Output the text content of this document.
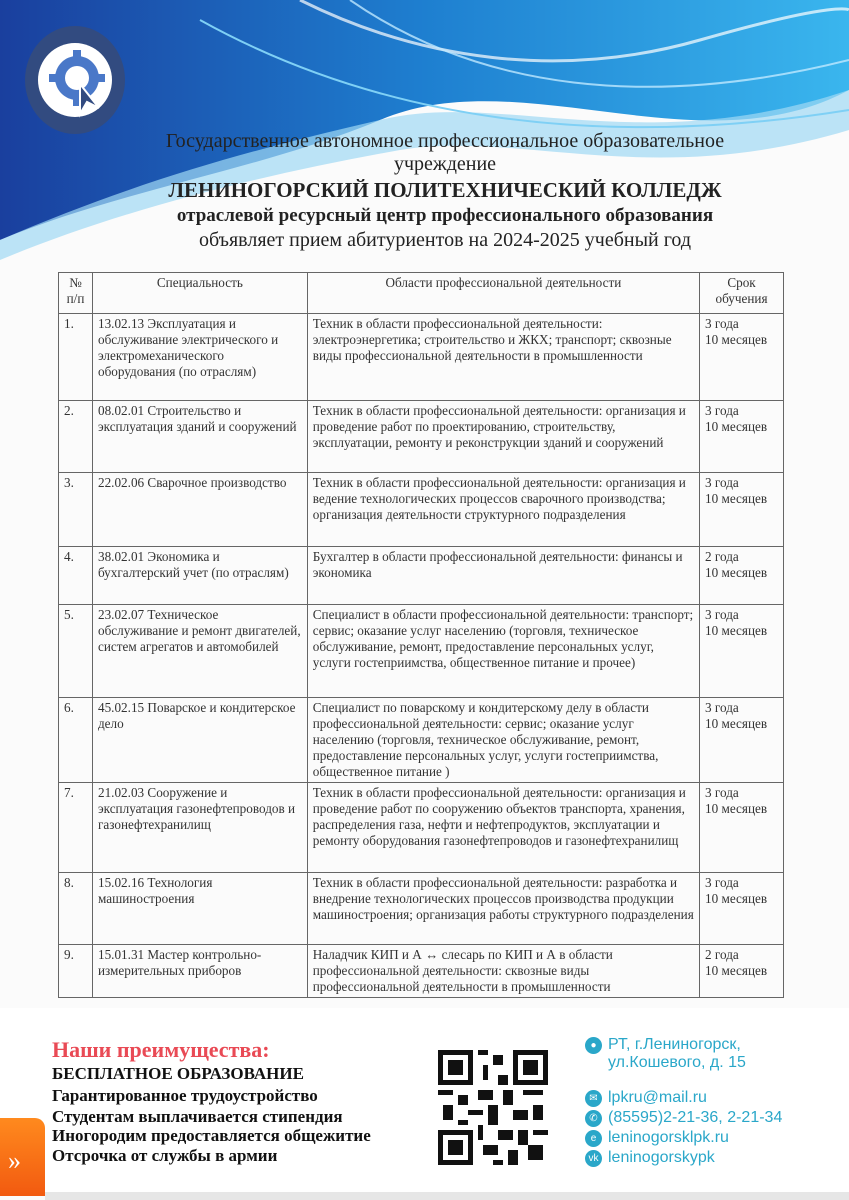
Государственное автономное профессиональное образовательное учреждение
ЛЕНИНОГОРСКИЙ ПОЛИТЕХНИЧЕСКИЙ КОЛЛЕДЖ
отраслевой ресурсный центр профессионального образования
объявляет прием абитуриентов на 2024-2025 учебный год
№ п/п	Специальность	Области профессиональной деятельности	Срок обучения
1.	13.02.13 Эксплуатация и обслуживание электрического и электромеханического оборудования (по отраслям)	Техник в области профессиональной деятельности: электроэнергетика; строительство и ЖКХ; транспорт; сквозные виды профессиональной деятельности в промышленности	3 года
10 месяцев

2.	08.02.01 Строительство и эксплуатация зданий и сооружений	Техник в области профессиональной деятельности: организация и проведение работ по проектированию, строительству, эксплуатации, ремонту и реконструкции зданий и сооружений	3 года
10 месяцев

3.	22.02.06 Сварочное производство	Техник в области профессиональной деятельности: организация и ведение технологических процессов сварочного производства; организация деятельности структурного подразделения	3 года
10 месяцев

4.	38.02.01 Экономика и бухгалтерский учет (по отраслям)	Бухгалтер в области профессиональной деятельности: финансы и экономика	2 года
10 месяцев

5.	23.02.07 Техническое обслуживание и ремонт двигателей, систем агрегатов и автомобилей	Специалист в области профессиональной деятельности: транспорт; сервис; оказание услуг населению (торговля, техническое обслуживание, ремонт, предоставление персональных услуг, услуги гостеприимства, общественное питание и прочее)	3 года
10 месяцев

6.	45.02.15 Поварское и кондитерское дело	Специалист по поварскому и кондитерскому делу в области профессиональной деятельности: сервис; оказание услуг населению (торговля, техническое обслуживание, ремонт, предоставление персональных услуг, услуги гостеприимства, общественное питание )	3 года
10 месяцев

7.	21.02.03 Сооружение и эксплуатация газонефтепроводов и газонефтехранилищ	Техник в области профессиональной деятельности: организация и проведение работ по сооружению объектов транспорта, хранения, распределения газа, нефти и нефтепродуктов, эксплуатации и ремонту оборудования газонефтепроводов и газонефтехранилищ	3 года
10 месяцев

8.	15.02.16 Технология машиностроения	Техник в области профессиональной деятельности: разработка и внедрение технологических процессов производства продукции машиностроения; организация работы структурного подразделения	3 года
10 месяцев

9.	15.01.31 Мастер контрольно-измерительных приборов	Наладчик КИП и А ↔ слесарь по КИП и А в области профессиональной деятельности: сквозные виды профессиональной деятельности в промышленности	2 года
10 месяцев
Наши преимущества:
БЕСПЛАТНОЕ ОБРАЗОВАНИЕ
Гарантированное трудоустройство
Студентам выплачивается стипендия
Иногородим предоставляется общежитие
Отсрочка от службы в армии
»
● РТ, г.Лениногорск,
ул.Кошевого, д. 15
✉ lpkru@mail.ru
✆ (85595)2-21-36, 2-21-34
e leninogorsklpk.ru
vk leninogorskypk
